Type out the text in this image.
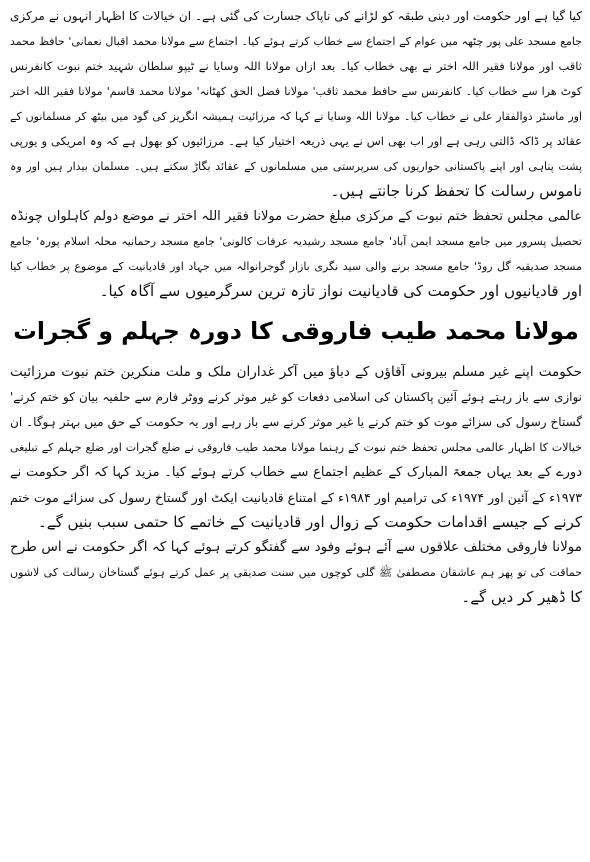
کیا گیا ہے اور حکومت اور دینی طبقہ کو لڑانے کی ناپاک جسارت کی گئی ہے۔ ان خیالات کا اظہار انہوں نے مرکزی
جامع مسجد علی پور چٹھہ میں عوام کے اجتماع سے خطاب کرتے ہوئے کیا۔ اجتماع سے مولانا محمد اقبال نعمانی' حافظ محمد
ثاقب اور مولانا فقیر اللہ اختر نے بھی خطاب کیا۔ بعد ازاں مولانا اللہ وسایا نے ٹیپو سلطان شہید ختم نبوت کانفرنس
کوٹ ھرا سے خطاب کیا۔ کانفرنس سے حافظ محمد ثاقب' مولانا فضل الحق کھٹانہ' مولانا محمد قاسم' مولانا فقیر اللہ اختر
اور ماسٹر ذوالفقار علی نے خطاب کیا۔ مولانا اللہ وسایا نے کہا کہ مرزائیت ہمیشہ انگریز کی گود میں بیٹھ کر مسلمانوں کے
عقائد پر ڈاکہ ڈالتی رہی ہے اور اب بھی اس نے یہی ذریعہ اختیار کیا ہے۔ مرزائیوں کو بھول ہے کہ وہ امریکی و یورپی
پشت پناہی اور اپنے پاکستانی حواریوں کی سرپرستی میں مسلمانوں کے عقائد بگاڑ سکتے ہیں۔ مسلمان بیدار ہیں اور وہ
ناموس رسالت کا تحفظ کرنا جانتے ہیں۔
عالمی مجلس تحفظ ختم نبوت کے مرکزی مبلغ حضرت مولانا فقیر اللہ اختر نے موضع دولم کاہلواں چونڈہ
تحصیل پسرور میں جامع مسجد ایمن آباد' جامع مسجد رشیدیہ عرفات کالونی' جامع مسجد رحمانیہ محلہ اسلام پورہ' جامع
مسجد صدیقیہ گل روڈ' جامع مسجد برنے والی سید نگری بازار گوجرانوالہ میں جہاد اور قادیانیت کے موضوع پر خطاب کیا
اور قادیانیوں اور حکومت کی قادیانیت نواز تازہ ترین سرگرمیوں سے آگاہ کیا۔
مولانا محمد طیب فاروقی کا دورہ جہلم و گجرات
حکومت اپنے غیر مسلم بیرونی آقاؤں کے دباؤ میں آکر غداران ملک و ملت منکرین ختم نبوت مرزائیت
نوازی سے باز رہتے ہوئے آئین پاکستان کی اسلامی دفعات کو غیر موثر کرنے ووٹر فارم سے حلفیہ بیان کو ختم کرنے'
گستاخ رسول کی سزائے موت کو ختم کرنے یا غیر موثر کرنے سے باز رہے اور یہ حکومت کے حق میں بہتر ہوگا۔ ان
خیالات کا اظہار عالمی مجلس تحفظ ختم نبوت کے رہنما مولانا محمد طیب فاروقی نے ضلع گجرات اور ضلع جہلم کے تبلیغی
دورے کے بعد یہاں جمعۃ المبارک کے عظیم اجتماع سے خطاب کرتے ہوئے کیا۔ مزید کہا کہ اگر حکومت نے
۱۹۷۳ء کے آئین اور ۱۹۷۴ء کی ترامیم اور ۱۹۸۴ء کے امتناع قادیانیت ایکٹ اور گستاخ رسول کی سزائے موت ختم
کرنے کے جیسے اقدامات حکومت کے زوال اور قادیانیت کے خاتمے کا حتمی سبب بنیں گے۔
مولانا فاروقی مختلف علاقوں سے آئے ہوئے وفود سے گفتگو کرتے ہوئے کہا کہ اگر حکومت نے اس طرح
حماقت کی تو پھر ہم عاشقان مصطفیٰ ﷺ گلی کوچوں میں سنت صدیقی پر عمل کرتے ہوئے گستاخان رسالت کی لاشوں
کا ڈھیر کر دیں گے۔
